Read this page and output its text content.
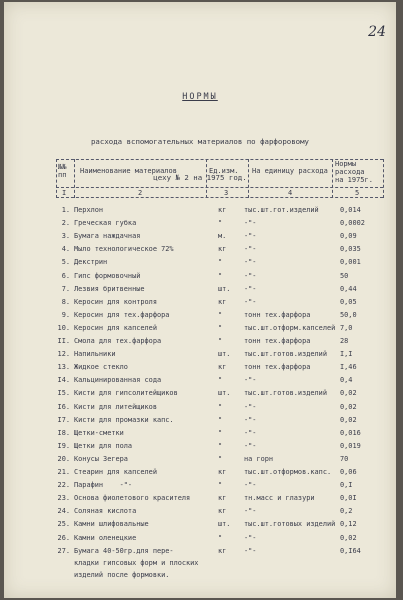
24
НОРМЫ

расхода вспомогательных материалов по фарфоровому

цеху № 2 на 1975 год.

№№
пп Наименование материалов	Ед.изм. На единицу расхода
Нормы
расхода
на 1975г.
I	2	3	4	5
1. Перхлон	кг	тыс.шт.гот.изделий	0,014
2. Греческая губка	"	-"-	0,0002
3. Бумага наждачная	м.	-"-	0,09
4. Мыло технологическое 72%	кг	-"-	0,035
5. Декстрин	"	-"-	0,001
6. Гипс формовочный	"	-"-	50
7. Лезвия бритвенные	шт. -"-	0,44
8. Керосин для контроля	кг	-"-	0,05
9. Керосин для тех.фарфора	"	тонн тех.фарфора	50,0
10. Керосин для капселей	"	тыс.шт.отформ.капселей 7,0
II. Смола для тех.фарфора	"	тонн тех.фарфора	28
12. Напильники	шт. тыс.шт.готов.изделий I,I
13. Жидкое стекло	кг	тонн тех.фарфора	I,46
I4. Кальцинированная сода	"	-"-	0,4
I5. Кисти для гипсолитейщиков	шт. тыс.шт.готов.изделий 0,02
I6. Кисти для литейщиков	"	-"-	0,02
I7. Кисти для промазки капс.	"	-"-	0,02
I8. Щетки-сметки	"	-"-	0,016
I9. Щетки для пола	"	-"-	0,019
20. Конусы Зегера	"	на горн	70
21. Стеарин для капселей	кг	тыс.шт.отформов.капс. 0,06
22. Парафин    -"-	"	-"-	0,I
23. Основа фиолетового красителя	кг	тн.масс и глазури	0,0I
24. Соляная кислота	кг	-"-	0,2
25. Камни шлифовальные	шт. тыс.шт.готовых изделий 0,12
26. Камни оленецкие	"	-"-	0,02
27. Бумага 40-50гр.для пере-
кладки гипсовых форм и плоских
изделий после формовки.
кг	-"-	0,I64
